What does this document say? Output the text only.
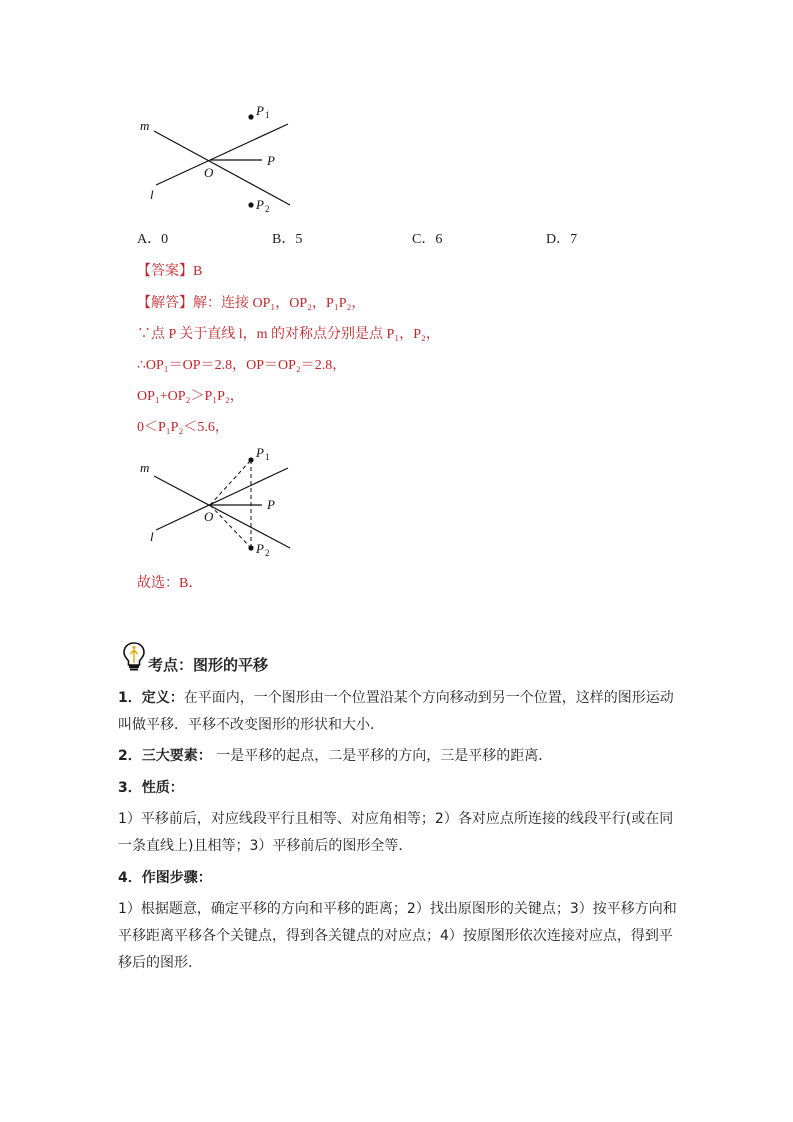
m
l
O
P
P 1
P 2
A．0	B．5	C．6	D．7
【答案】B
【解答】解：连接 OP₁，OP₂，P₁P₂，
∵点 P 关于直线 l，m 的对称点分别是点 P₁，P₂，
∴OP₁＝OP＝2.8，OP＝OP₂＝2.8，
OP₁+OP₂＞P₁P₂，
0＜P₁P₂＜5.6，
m
l
O
P
P 1
P 2
故选：B．
考点：图形的平移
1．定义：在平面内，一个图形由一个位置沿某个方向移动到另一个位置，这样的图形运动叫做平移．平移不改变图形的形状和大小．
2．三大要素： 一是平移的起点，二是平移的方向，三是平移的距离．
3．性质：
1）平移前后，对应线段平行且相等、对应角相等；2）各对应点所连接的线段平行(或在同一条直线上)且相等；3）平移前后的图形全等．
4．作图步骤：
1）根据题意，确定平移的方向和平移的距离；2）找出原图形的关键点；3）按平移方向和平移距离平移各个关键点，得到各关键点的对应点；4）按原图形依次连接对应点，得到平移后的图形．
